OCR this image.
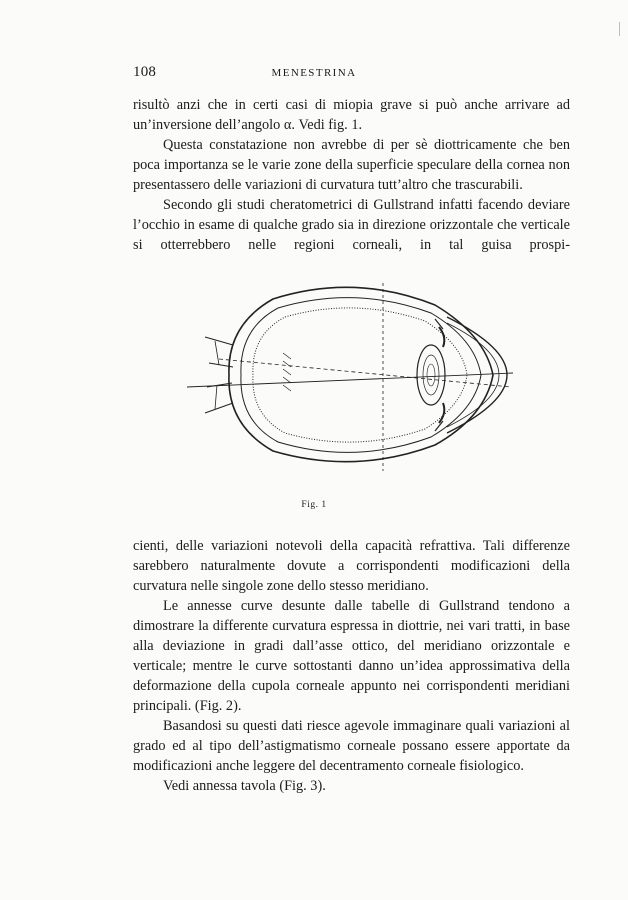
108	MENESTRINA

risultò anzi che in certi casi di miopia grave si può anche arrivare ad un’inversione dell’angolo α. Vedi fig. 1.

Questa constatazione non avrebbe di per sè diottricamente che ben poca importanza se le varie zone della superficie speculare della cornea non presentassero delle variazioni di curvatura tutt’altro che trascurabili.

Secondo gli studi cheratometrici di Gullstrand infatti facendo deviare l’occhio in esame di qualche grado sia in direzione orizzontale che verticale si otterrebbero nelle regioni corneali, in tal guisa prospi-

Fig. 1

cienti, delle variazioni notevoli della capacità refrattiva. Tali differenze sarebbero naturalmente dovute a corrispondenti modificazioni della curvatura nelle singole zone dello stesso meridiano.

Le annesse curve desunte dalle tabelle di Gullstrand tendono a dimostrare la differente curvatura espressa in diottrie, nei vari tratti, in base alla deviazione in gradi dall’asse ottico, del meridiano orizzontale e verticale; mentre le curve sottostanti danno un’idea approssimativa della deformazione della cupola corneale appunto nei corrispondenti meridiani principali. (Fig. 2).

Basandosi su questi dati riesce agevole immaginare quali variazioni al grado ed al tipo dell’astigmatismo corneale possano essere apportate da modificazioni anche leggere del decentramento corneale fisiologico.

Vedi annessa tavola (Fig. 3).
